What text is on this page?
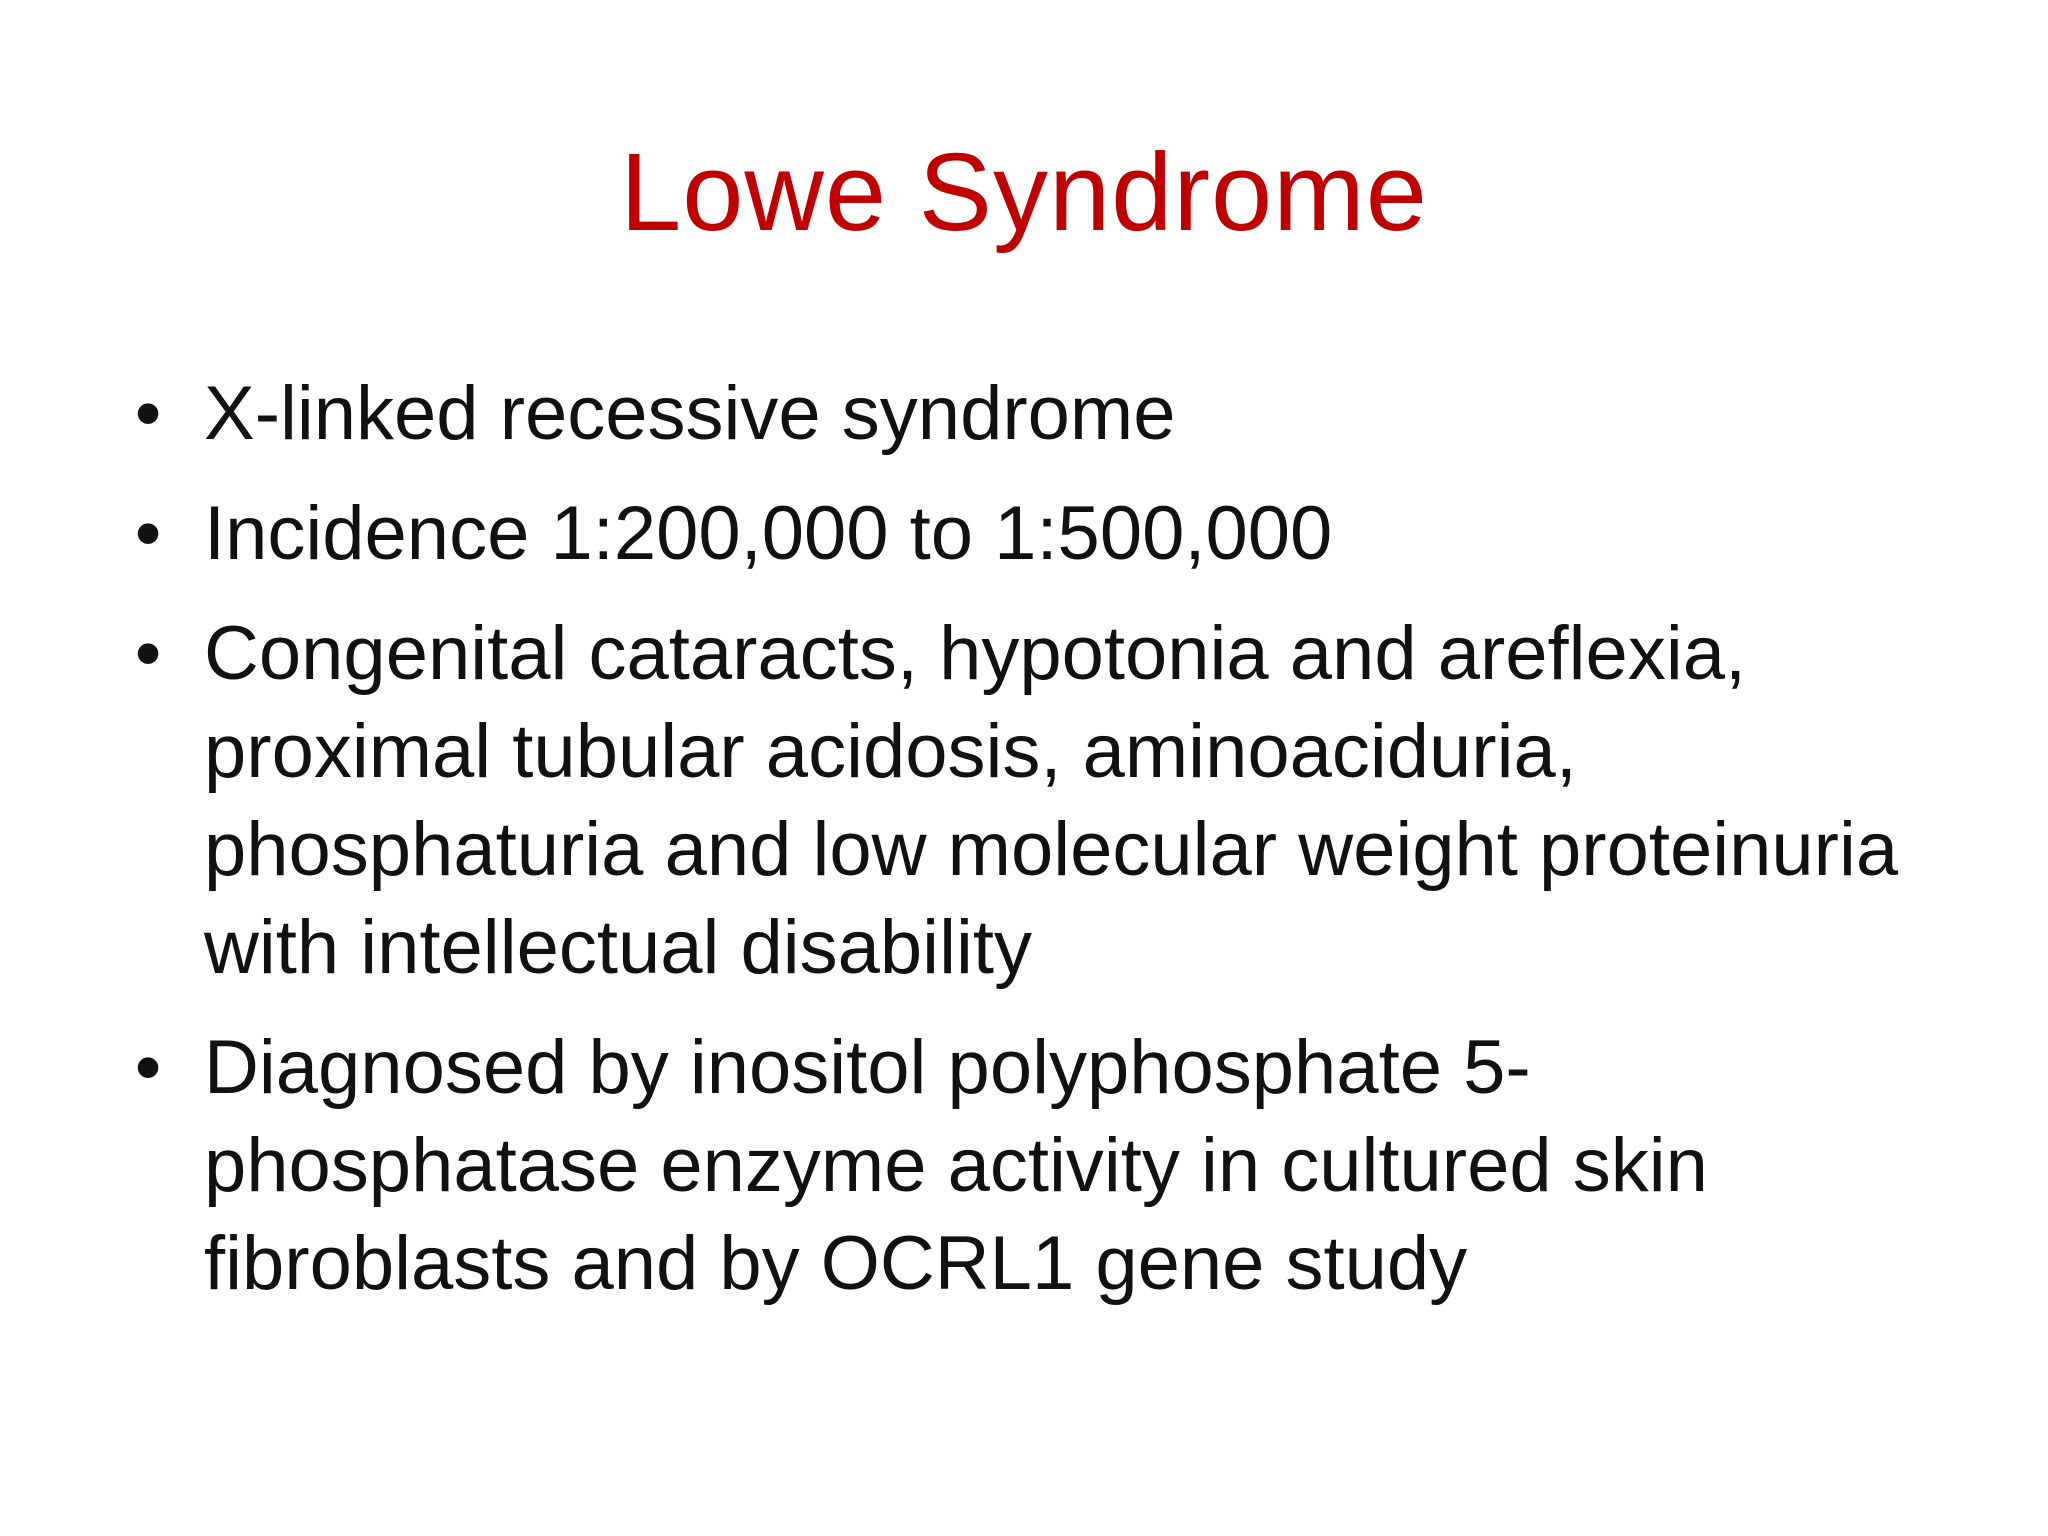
Lowe Syndrome
• X-linked recessive syndrome
• Incidence 1:200,000 to 1:500,000
• Congenital cataracts, hypotonia and areflexia, proximal tubular acidosis, aminoaciduria, phosphaturia and low molecular weight proteinuria with intellectual disability
• Diagnosed by inositol polyphosphate 5-phosphatase enzyme activity in cultured skin fibroblasts and by OCRL1 gene study
